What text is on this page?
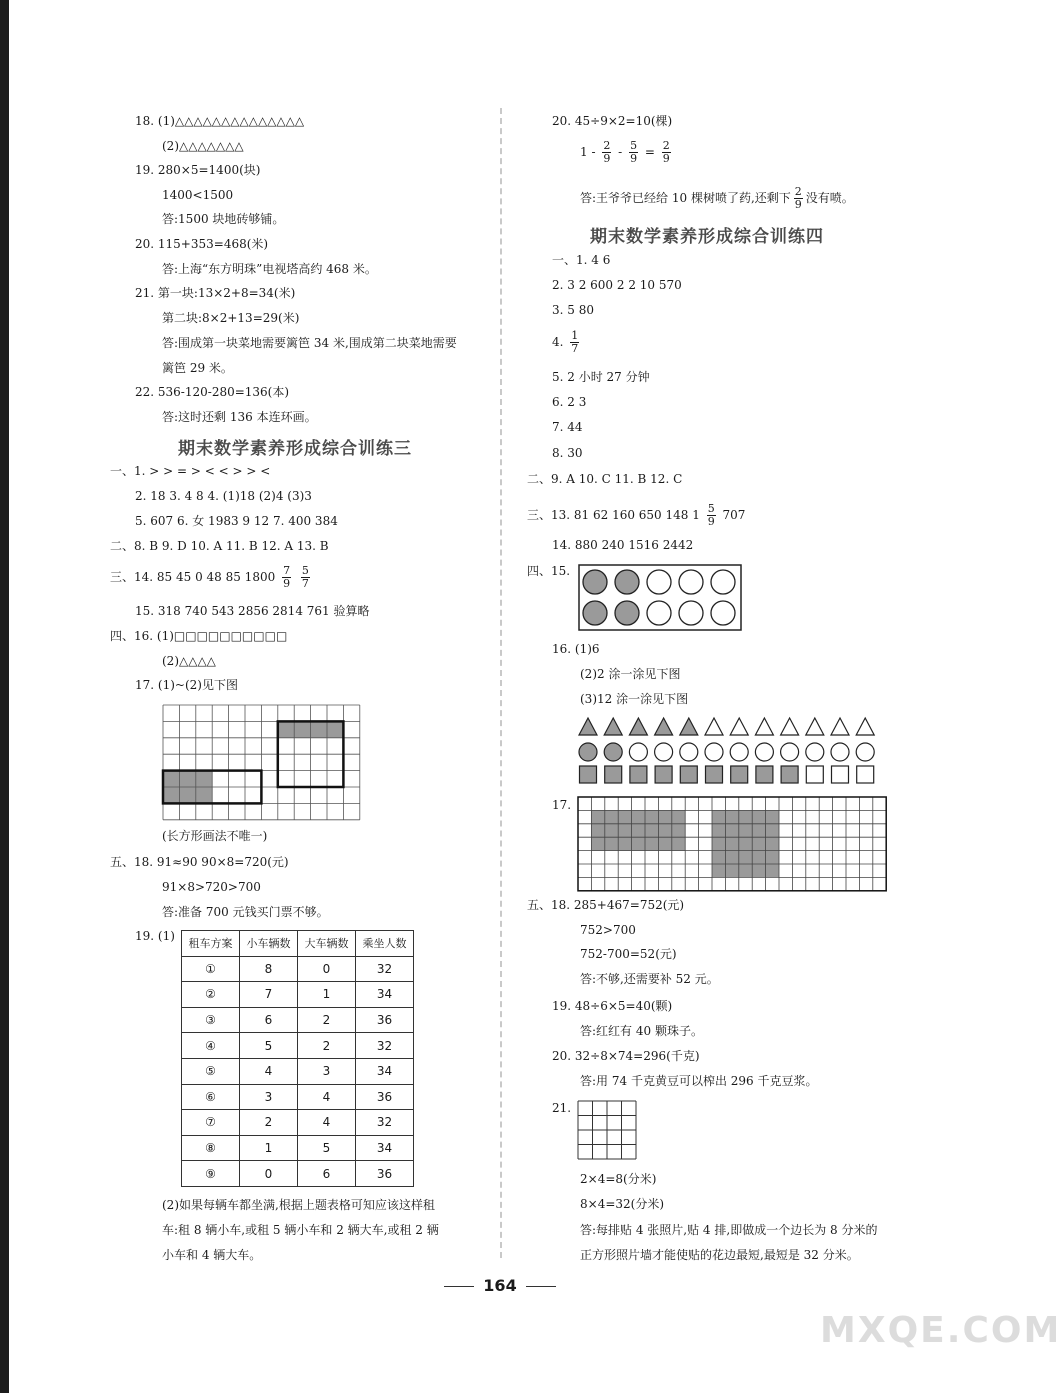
18. (1)△△△△△△△△△△△△△△
(2)△△△△△△△
19. 280×5=1400(块)
1400<1500
答:1500 块地砖够铺。
20. 115+353=468(米)
答:上海“东方明珠”电视塔高约 468 米。
21. 第一块:13×2+8=34(米)
第二块:8×2+13=29(米)
答:围成第一块菜地需要篱笆 34 米,围成第二块菜地需要
篱笆 29 米。
22. 536-120-280=136(本)
答:这时还剩 136 本连环画。
一、1. > > = > < < > > <
2. 18 3. 4 8 4. (1)18 (2)4 (3)3
5. 607 6. 女 1983 9 12 7. 400 384
二、8. B 9. D 10. A 11. B 12. A 13. B
15. 318 740 543 2856 2814 761 验算略
四、16. (1)□□□□□□□□□□
(2)△△△△
17. (1)~(2)见下图
(长方形画法不唯一)
五、18. 91≈90 90×8=720(元)
91×8>720>700
答:准备 700 元钱买门票不够。
19. (1)
(2)如果每辆车都坐满,根据上题表格可知应该这样租
车:租 8 辆小车,或租 5 辆小车和 2 辆大车,或租 2 辆
小车和 4 辆大车。
20. 45÷9×2=10(棵)
一、1. 4 6
2. 3 2 600 2 2 10 570
3. 5 80
5. 2 小时 27 分钟
6. 2 3
7. 44
8. 30
二、9. A 10. C 11. B 12. C
14. 880 240 1516 2442
四、15.
16. (1)6
(2)2 涂一涂见下图
(3)12 涂一涂见下图
17.
五、18. 285+467=752(元)
752>700
752-700=52(元)
答:不够,还需要补 52 元。
19. 48÷6×5=40(颗)
答:红红有 40 颗珠子。
20. 32÷8×74=296(千克)
答:用 74 千克黄豆可以榨出 296 千克豆浆。
21.
2×4=8(分米)
8×4=32(分米)
答:每排贴 4 张照片,贴 4 排,即做成一个边长为 8 分米的
正方形照片墙才能使贴的花边最短,最短是 32 分米。
期末数学素养形成综合训练三
三、14. 85 45 0 48 85 $1800 \frac{7}{9}$
$\frac{5}{7}$
租车方案	小车辆数	大车辆数	乘坐人数
①	8	0	32
②	7	1	34
③	6	2	36
④	5	2	32
⑤	4	3	34
⑥	3	4	36
⑦	2	4	32
⑧	1	5	34
⑨	0	6	36
$1 - \frac{2}{9} - \frac{5}{9} = \frac{2}{9}$
答:王爷爷已经给 10 棵树喷了药,还剩下 $\frac{2}{9}$ 没有喷。
期末数学素养形成综合训练四
4. $\frac{1}{7}$
三、13. 81 62 160 650 148 $1 \frac{5}{9} 707$
164
MXQE.COM
